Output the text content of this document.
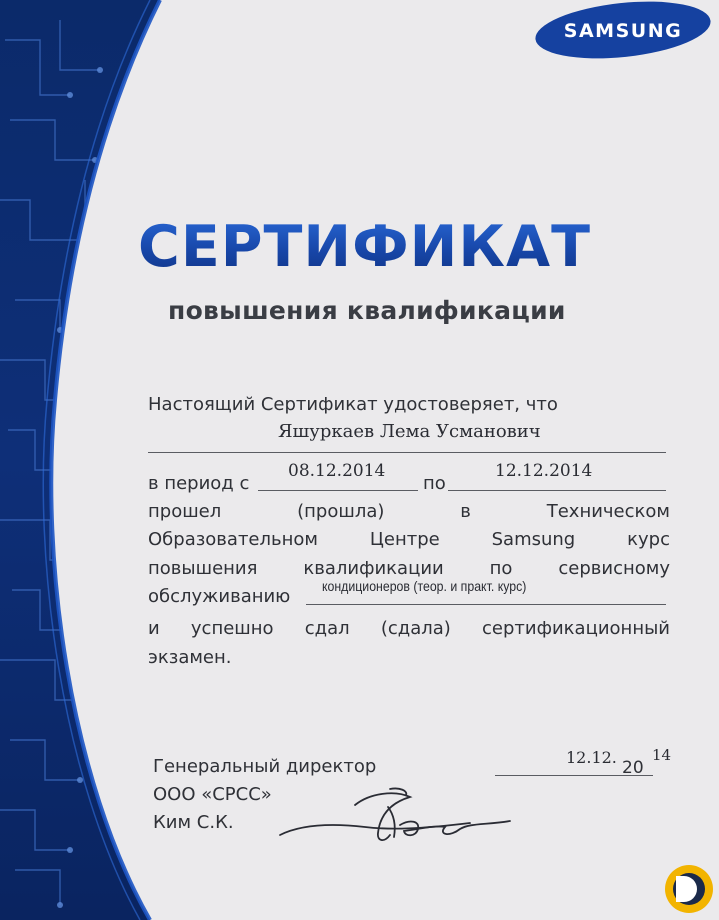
SAMSUNG
СЕРТИФИКАТ
повышения квалификации
Настоящий Сертификат удостоверяет, что
Яшуркаев Лема Усманович
в период с
08.12.2014
по
12.12.2014
прошел	(прошла)	в	Техническом
Образовательном	Центре	Samsung	курс
повышения	квалификации	по	сервисному
обслуживанию кондиционеров (теор. и практ. курс)
и успешно сдал (сдала) сертификационный
экзамен.
Генеральный директор
ООО «СРСС»
Ким С.К.
12.12.
20
14
